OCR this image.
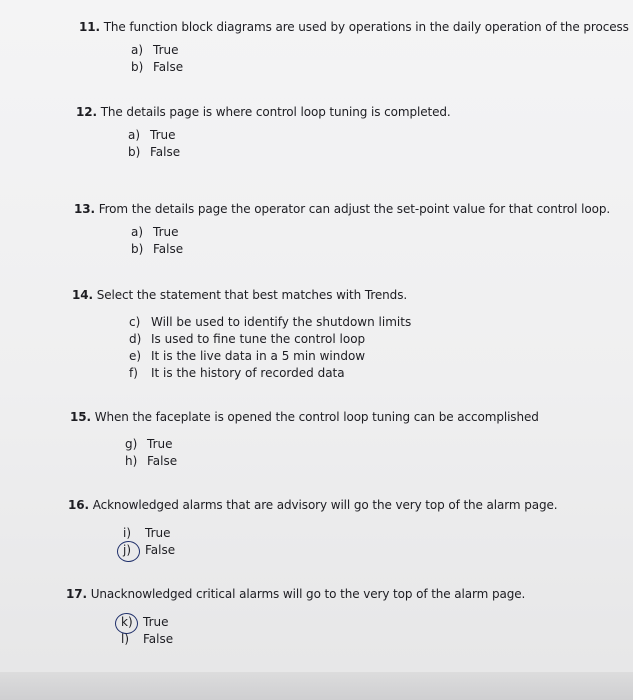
11. The function block diagrams are used by operations in the daily operation of the process
a) True
b) False
12. The details page is where control loop tuning is completed.
a) True
b) False
13. From the details page the operator can adjust the set-point value for that control loop.
a) True
b) False
14. Select the statement that best matches with Trends.
c) Will be used to identify the shutdown limits
d) Is used to fine tune the control loop
e) It is the live data in a 5 min window
f)	It is the history of recorded data
15. When the faceplate is opened the control loop tuning can be accomplished
g) True
h) False
16. Acknowledged alarms that are advisory will go the very top of the alarm page.
i)	True
j)	False
17. Unacknowledged critical alarms will go to the very top of the alarm page.
k) True
l)	False
